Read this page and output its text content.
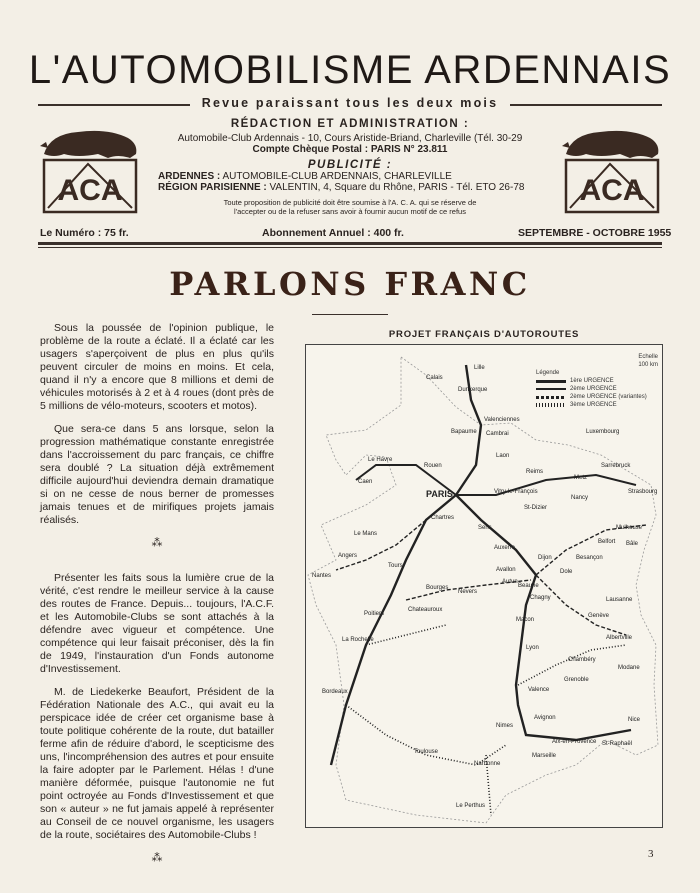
L'AUTOMOBILISME ARDENNAIS
Revue paraissant tous les deux mois
ACA	ACA
RÉDACTION ET ADMINISTRATION :
Automobile-Club Ardennais - 10, Cours Aristide-Briand, Charleville (Tél. 30-29
Compte Chèque Postal : PARIS N° 23.811
PUBLICITÉ :
ARDENNES : AUTOMOBILE-CLUB ARDENNAIS, CHARLEVILLE
RÉGION PARISIENNE : VALENTIN, 4, Square du Rhône, PARIS - Tél. ETO 26-78
Toute proposition de publicité doit être soumise à l'A. C. A. qui se réserve de
l'accepter ou de la refuser sans avoir à fournir aucun motif de ce refus
Le Numéro : 75 fr.	Abonnement Annuel : 400 fr.	SEPTEMBRE - OCTOBRE 1955
PARLONS FRANC

Sous la poussée de l'opinion publique, le problème de la route a éclaté. Il a éclaté car les usagers s'aperçoivent de plus en plus qu'ils peuvent circuler de moins en moins. Et cela, quand il n'y a encore que 8 millions et demi de véhicules motorisés à 2 et à 4 roues (dont près de 5 millions de vélo-moteurs, scooters et motos).

Que sera-ce dans 5 ans lorsque, selon la progression mathématique constante enregistrée dans l'accroissement du parc français, ce chiffre sera doublé ? La situation déjà extrêmement difficile aujourd'hui deviendra demain dramatique si on ne cesse de nous berner de promesses jamais tenues et de mirifiques projets jamais réalisés.

⁂

Présenter les faits sous la lumière crue de la vérité, c'est rendre le meilleur service à la cause des routes de France. Depuis... toujours, l'A.C.F. et les Automobile-Clubs se sont attachés à la défendre avec vigueur et compétence. Une compétence qui leur faisait préconiser, dès la fin de 1949, l'instauration d'un Fonds autonome d'Investissement.

M. de Liedekerke Beaufort, Président de la Fédération Nationale des A.C., qui avait eu la perspicace idée de créer cet organisme base à toute politique cohérente de la route, dut batailler ferme afin de réduire d'abord, le scepticisme des uns, l'incompréhension des autres et pour ensuite la faire adopter par le Parlement. Hélas ! d'une manière déformée, puisque l'autonomie ne fut point octroyée au Fonds d'Investissement et que son « auteur » ne fut jamais appelé à représenter au Conseil de ce nouvel organisme, les usagers de la route, sociétaires des Automobile-Clubs !

⁂
PROJET FRANÇAIS D'AUTOROUTES
Echelle
100 km
Légende
1ère URGENCE
2ème URGENCE
2ème URGENCE (variantes)
3ème URGENCE
Lille
Calais
Dunkerque
Valenciennes
Cambrai
Bapaume	Luxembourg
Laon
Reims
Sarrebruck
Metz
Strasbourg
Le Havre
Rouen
Caen
PARIS	Vitry-le-François
St-Dizier
Nancy
Chartres
Sens
Auxerre
Le Mans
Angers
Nantes
Tours
Mulhouse
Bâle
Belfort
Avallon
Dijon
Dole
Besançon
Beaune
Autun
Chagny
Nevers
Bourges
Chateauroux
Poitiers
La Rochelle
Lausanne
Genève
Macon
Lyon
Albertville
Chambéry
Modane
Grenoble
Valence
Bordeaux
Avignon
Nimes
Aix-en-Provence
Marseille
Nice
St-Raphaël
Toulouse
Narbonne
Le Perthus
3
